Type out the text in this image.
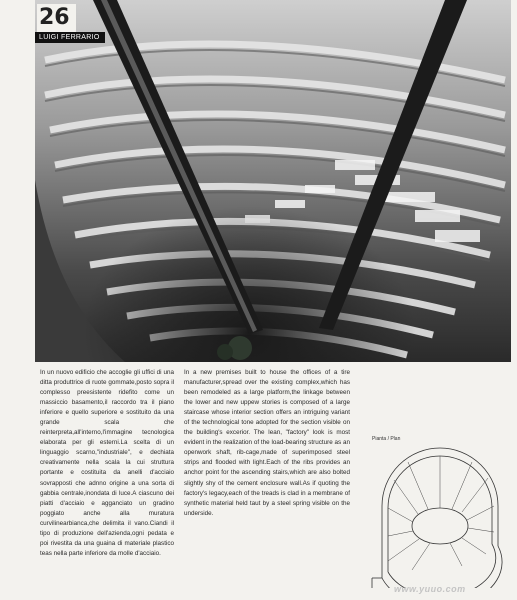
26
LUIGI FERRARIO

In un nuovo edificio che accoglie gli uffici di una ditta produttrice di ruote gommate,posto sopra il complesso preesistente ridefito come un massiccio basamento,il raccordo tra il piano inferiore e quello superiore e sostituito da una grande scala che reinterpreta,all'interno,l'immagine tecnologica elaborata per gli esterni.La scelta di un linguaggio scarno,"industriale", e dechiata creativamente nella scala la cui struttura portante e costituita da anelli d'acciaio sovrapposti che adnno origine a una sorta di gabbia centrale,inondata di luce.A ciascuno dei piatti d'acciaio e agganciato un gradino poggiato anche alla muratura curvilinearbianca,che delimita il vano.Ciandi il tipo di produzione dell'azienda,ogni pedata e poi rivestita da una guaina di materiale plastico teas nella parte inferiore da molle d'acciaio.

In a new premises built to house the offices of a tire manufacturer,spread over the existing complex,which has been remodeled as a large platform,the linkage between the lower and new uppew stories is composed of a large staircase whose interior section offers an intriguing variant of the technological tone adopted for the section visible on the building's excerior. The lean, "factory" look is most evident in the realization of the load-bearing structure as an openwork shaft, rib-cage,made of superimposed steel strips and flooded with light.Each of the ribs provides an anchor point for the ascending stairs,which are also bolted slightly shy of the cement enclosure wall.As if quoting the factory's legacy,each of the treads is clad in a membrane of synthetic material held taut by a steel spring visible on the underside.

Pianta / Plan
www.yuuo.com
